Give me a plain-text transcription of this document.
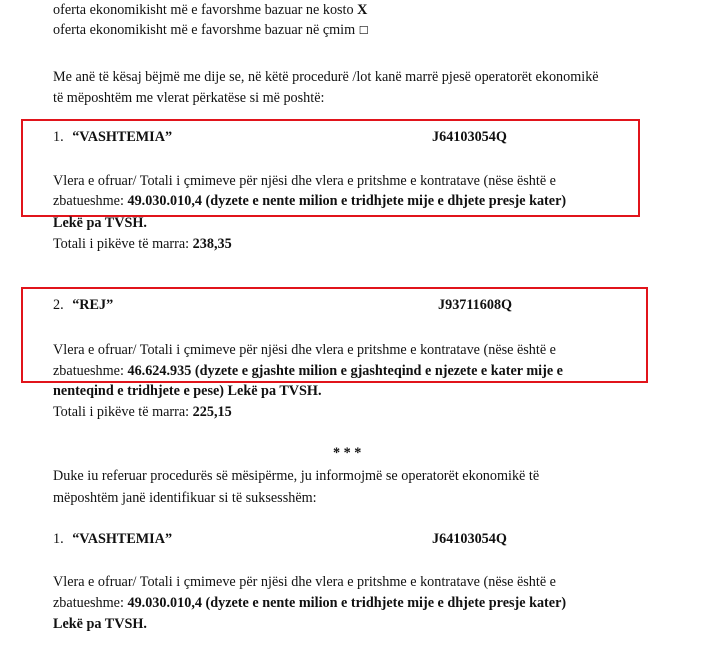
oferta ekonomikisht më e favorshme bazuar ne kosto X
oferta ekonomikisht më e favorshme bazuar në çmim ☐
Me anë të kësaj bëjmë me dije se, në këtë procedurë /lot kanë marrë pjesë operatorët ekonomikë
të mëposhtëm me vlerat përkatëse si më poshtë:
1. “VASHTEMIA”	J64103054Q
Vlera e ofruar/ Totali i çmimeve për njësi dhe vlera e pritshme e kontratave (nëse është e
zbatueshme: 49.030.010,4 (dyzete e nente milion e tridhjete mije e dhjete presje kater)
Lekë pa TVSH.
Totali i pikëve të marra: 238,35
2. “REJ”	J93711608Q
Vlera e ofruar/ Totali i çmimeve për njësi dhe vlera e pritshme e kontratave (nëse është e
zbatueshme: 46.624.935 (dyzete e gjashte milion e gjashteqind e njezete e kater mije e
nenteqind e tridhjete e pese) Lekë pa TVSH.
Totali i pikëve të marra: 225,15
* * *
Duke iu referuar procedurës së mësipërme, ju informojmë se operatorët ekonomikë të
mëposhtëm janë identifikuar si të suksesshëm:
1. “VASHTEMIA”	J64103054Q
Vlera e ofruar/ Totali i çmimeve për njësi dhe vlera e pritshme e kontratave (nëse është e
zbatueshme: 49.030.010,4 (dyzete e nente milion e tridhjete mije e dhjete presje kater)
Lekë pa TVSH.
